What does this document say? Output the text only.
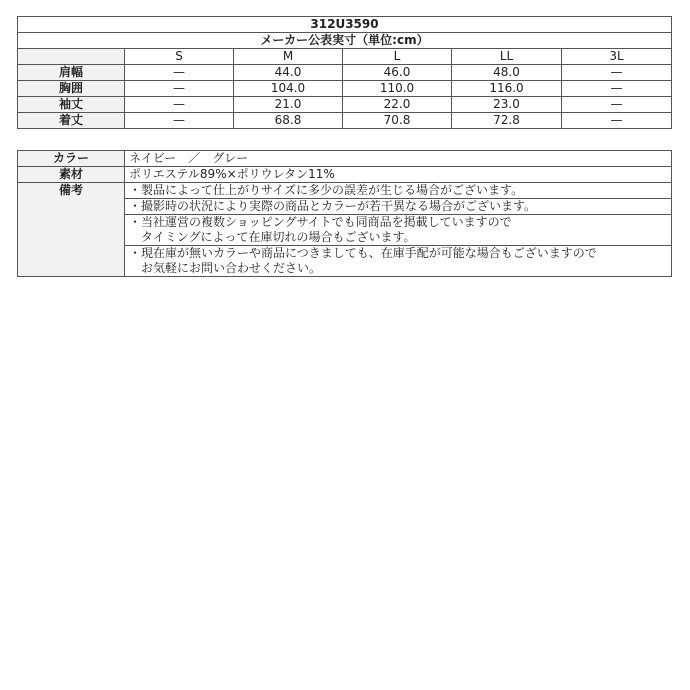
312U3590					
メーカー公表実寸（単位:cm）					
	S	M	L	LL	3L
肩幅	—	44.0	46.0	48.0	—
胸囲	—	104.0	110.0	116.0	—
袖丈	—	21.0	22.0	23.0	—
着丈	—	68.8	70.8	72.8	—
カラー	ネイビー　／　グレー
素材	ポリエステル89%×ポリウレタン11%
備考	・製品によって仕上がりサイズに多少の誤差が生じる場合がございます。

	・撮影時の状況により実際の商品とカラーが若干異なる場合がございます。

	・当社運営の複数ショッピングサイトでも同商品を掲載していますので
　タイミングによって在庫切れの場合もございます。

	・現在庫が無いカラーや商品につきましても、在庫手配が可能な場合もございますので
　お気軽にお問い合わせください。
